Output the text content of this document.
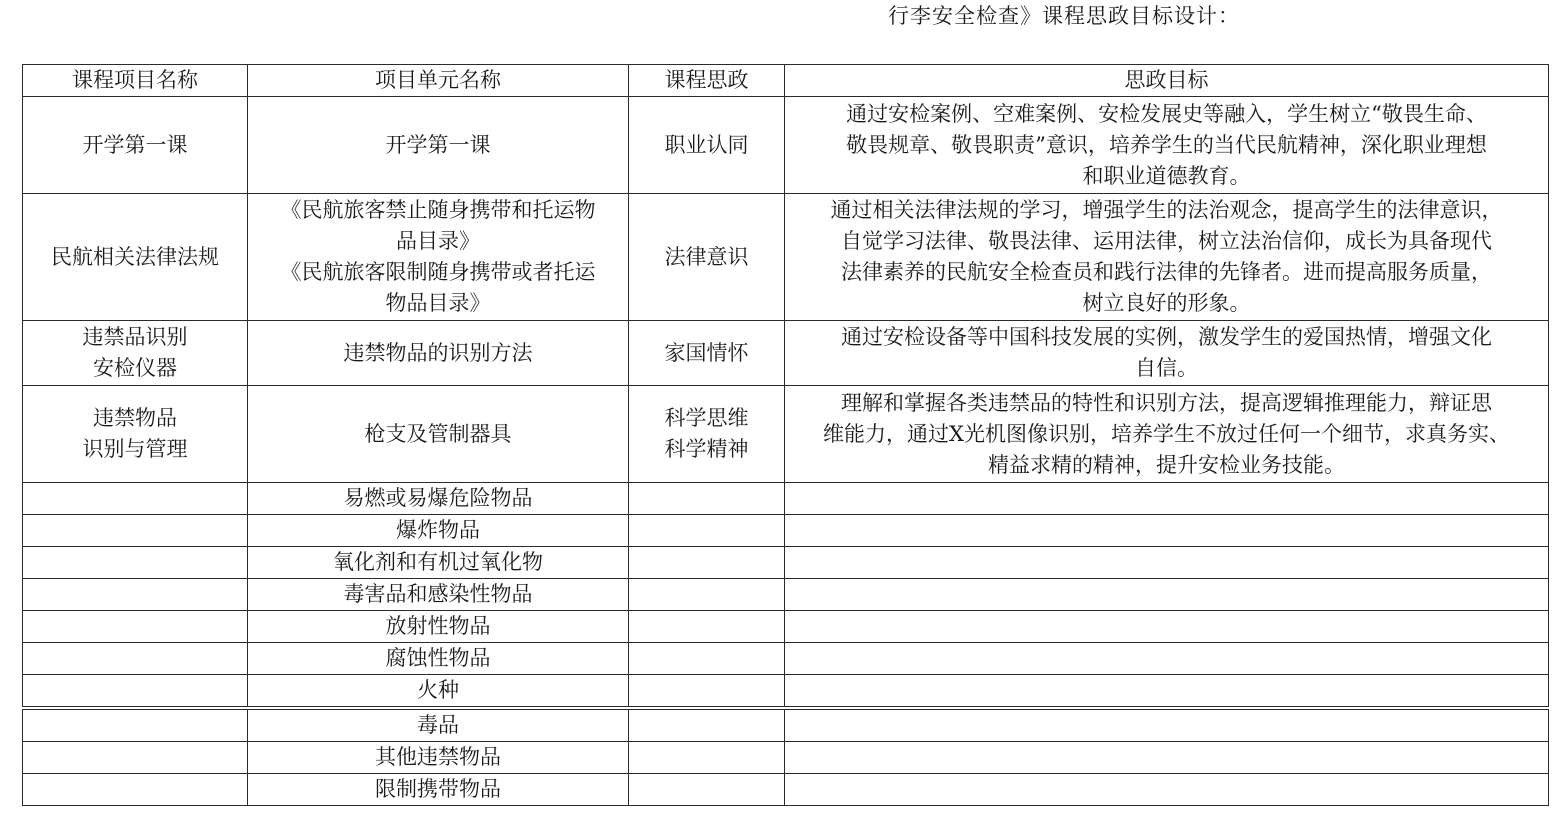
行李安全检查》课程思政目标设计：
课程项目名称	项目单元名称	课程思政	思政目标

开学第一课	开学第一课	职业认同	通过安检案例、空难案例、安检发展史等融入，学生树立“敬畏生命、
敬畏规章、敬畏职责”意识，培养学生的当代民航精神，深化职业理想
和职业道德教育。

民航相关法律法规	《民航旅客禁止随身携带和托运物
品目录》
《民航旅客限制随身携带或者托运
物品目录》	法律意识	通过相关法律法规的学习，增强学生的法治观念，提高学生的法律意识，
自觉学习法律、敬畏法律、运用法律，树立法治信仰，成长为具备现代
法律素养的民航安全检查员和践行法律的先锋者。进而提高服务质量，
树立良好的形象。

违禁品识别
安检仪器	违禁物品的识别方法	家国情怀	通过安检设备等中国科技发展的实例，激发学生的爱国热情，增强文化
自信。

违禁物品
识别与管理	枪支及管制器具	科学思维
科学精神	理解和掌握各类违禁品的特性和识别方法，提高逻辑推理能力，辩证思
维能力，通过X光机图像识别，培养学生不放过任何一个细节，求真务实、
精益求精的精神，提升安检业务技能。

	易燃或易爆危险物品		
	爆炸物品		
	氧化剂和有机过氧化物		
	毒害品和感染性物品		
	放射性物品		
	腐蚀性物品		
	火种		
	毒品		
	其他违禁物品		
	限制携带物品		
